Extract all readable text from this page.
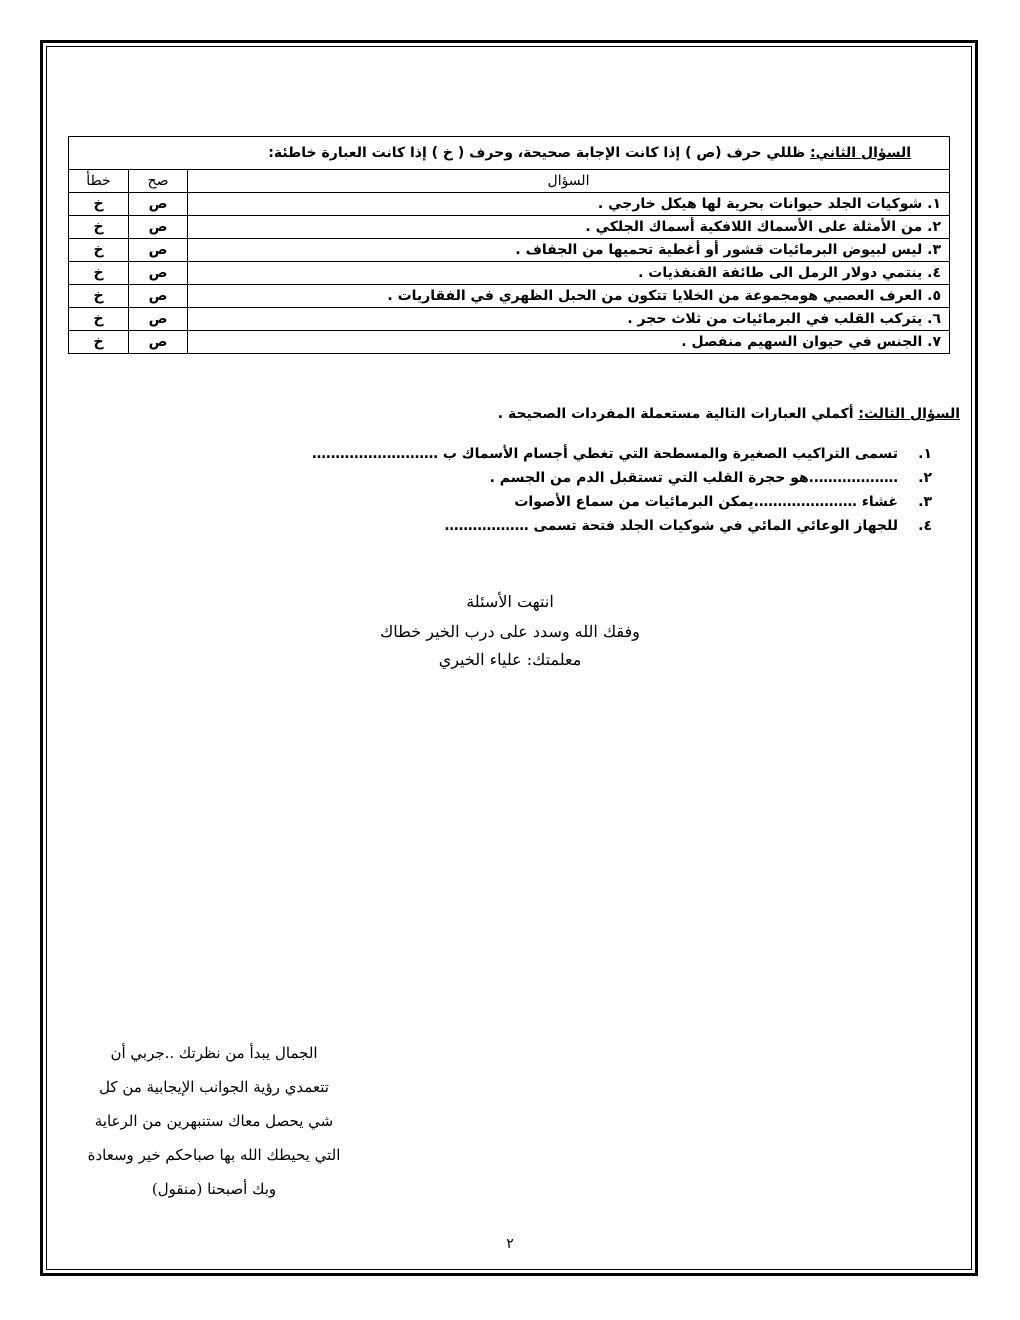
السؤال الثاني: ظللي حرف (ص ) إذا كانت الإجابة صحيحة، وحرف ( خ ) إذا كانت العبارة خاطئة:		
السؤال	صح	خطأ
١. شوكيات الجلد حيوانات بحرية لها هيكل خارجي .	ص	خ
٢. من الأمثلة على الأسماك اللافكية أسماك الجلكي .	ص	خ
٣. ليس لبيوض البرمائيات قشور أو أغطية تحميها من الجفاف .	ص	خ
٤. ينتمي دولار الرمل الى طائفة القنفذيات .	ص	خ
٥. العرف العصبي هومجموعة من الخلايا تتكون من الحبل الظهري في الفقاريات .	ص	خ
٦. يتركب القلب في البرمائيات من ثلاث حجر .	ص	خ
٧. الجنس في حيوان السهيم منفصل .	ص	خ
السؤال الثالث: أكملي العبارات التالية مستعملة المفردات الصحيحة .
١.تسمى التراكيب الصغيرة والمسطحة التي تغطي أجسام الأسماك ب ………………………
٢.……………….هو حجرة القلب التي تستقبل الدم من الجسم .
٣.غشاء ………………….يمكن البرمائيات من سماع الأصوات
٤.للجهاز الوعائي المائي في شوكيات الجلد فتحة تسمى ………………
انتهت الأسئلة
وفقك الله وسدد على درب الخير خطاك
معلمتك: علياء الخيري
الجمال يبدأ من نظرتك ..جربي أن
تتعمدي رؤية الجوانب الإيجابية من كل
شي يحصل معاك ستنبهرين من الرعاية
التي يحيطك الله بها صباحكم خير وسعادة
وبك أصبحنا (منقول)
٢
